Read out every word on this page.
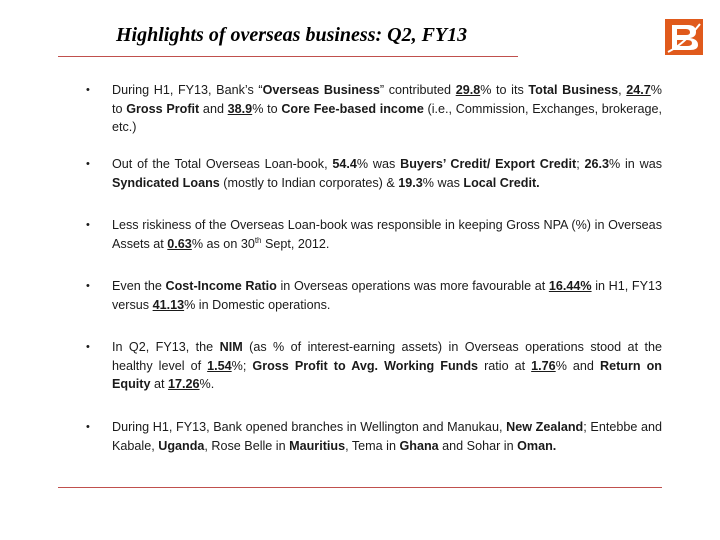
Highlights of overseas business: Q2, FY13
• During H1, FY13, Bank’s “Overseas Business” contributed 29.8% to its Total Business, 24.7% to Gross Profit and 38.9% to Core Fee-based income (i.e., Commission, Exchanges, brokerage, etc.)
• Out of the Total Overseas Loan-book, 54.4% was Buyers’ Credit/ Export Credit; 26.3% in was Syndicated Loans (mostly to Indian corporates) & 19.3% was Local Credit.
• Less riskiness of the Overseas Loan-book was responsible in keeping Gross NPA (%) in Overseas Assets at 0.63% as on 30th Sept, 2012.
• Even the Cost-Income Ratio in Overseas operations was more favourable at 16.44% in H1, FY13 versus 41.13% in Domestic operations.
• In Q2, FY13, the NIM (as % of interest-earning assets) in Overseas operations stood at the healthy level of 1.54%; Gross Profit to Avg. Working Funds ratio at 1.76% and Return on Equity at 17.26%.
• During H1, FY13, Bank opened branches in Wellington and Manukau, New Zealand; Entebbe and Kabale, Uganda, Rose Belle in Mauritius, Tema in Ghana and Sohar in Oman.
